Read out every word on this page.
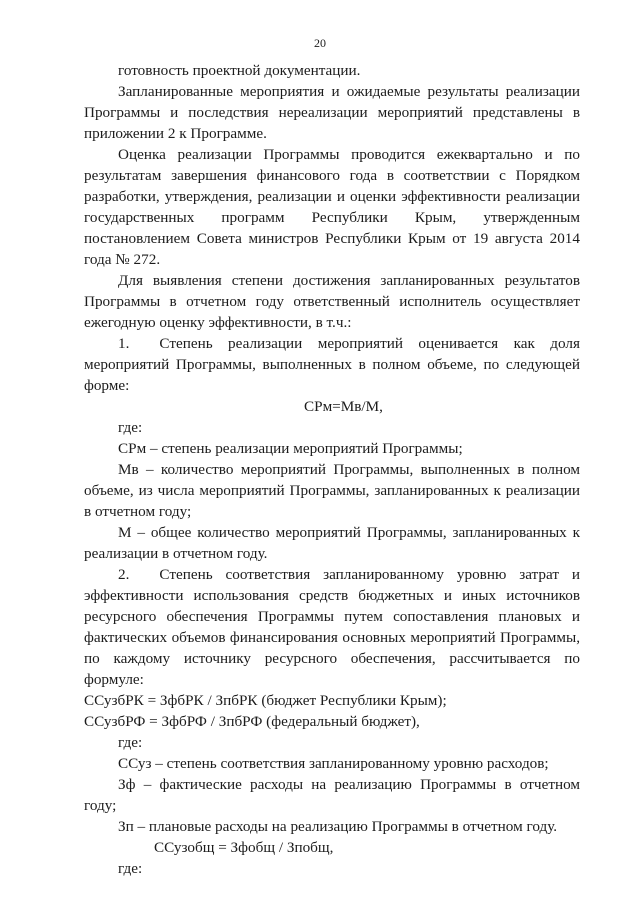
20

готовность проектной документации.

Запланированные мероприятия и ожидаемые результаты реализации Программы и последствия нереализации мероприятий представлены в приложении 2 к Программе.

Оценка реализации Программы проводится ежеквартально и по результатам завершения финансового года в соответствии с Порядком разработки, утверждения, реализации и оценки эффективности реализации государственных программ Республики Крым, утвержденным постановлением Совета министров Республики Крым от 19 августа 2014 года № 272.

Для выявления степени достижения запланированных результатов Программы в отчетном году ответственный исполнитель осуществляет ежегодную оценку эффективности, в т.ч.:

1. Степень реализации мероприятий оценивается как доля мероприятий Программы, выполненных в полном объеме, по следующей форме:

СРм=Мв/М,

где:

СРм – степень реализации мероприятий Программы;

Мв – количество мероприятий Программы, выполненных в полном объеме, из числа мероприятий Программы, запланированных к реализации в отчетном году;

М – общее количество мероприятий Программы, запланированных к реализации в отчетном году.

2. Степень соответствия запланированному уровню затрат и эффективности использования средств бюджетных и иных источников ресурсного обеспечения Программы путем сопоставления плановых и фактических объемов финансирования основных мероприятий Программы, по каждому источнику ресурсного обеспечения, рассчитывается по формуле:

ССузбРК = ЗфбРК / ЗпбРК (бюджет Республики Крым);

ССузбРФ = ЗфбРФ / ЗпбРФ (федеральный бюджет),

где:

ССуз – степень соответствия запланированному уровню расходов;

Зф – фактические расходы на реализацию Программы в отчетном году;

Зп – плановые расходы на реализацию Программы в отчетном году.

ССузобщ = Зфобщ / Зпобщ,

где:
